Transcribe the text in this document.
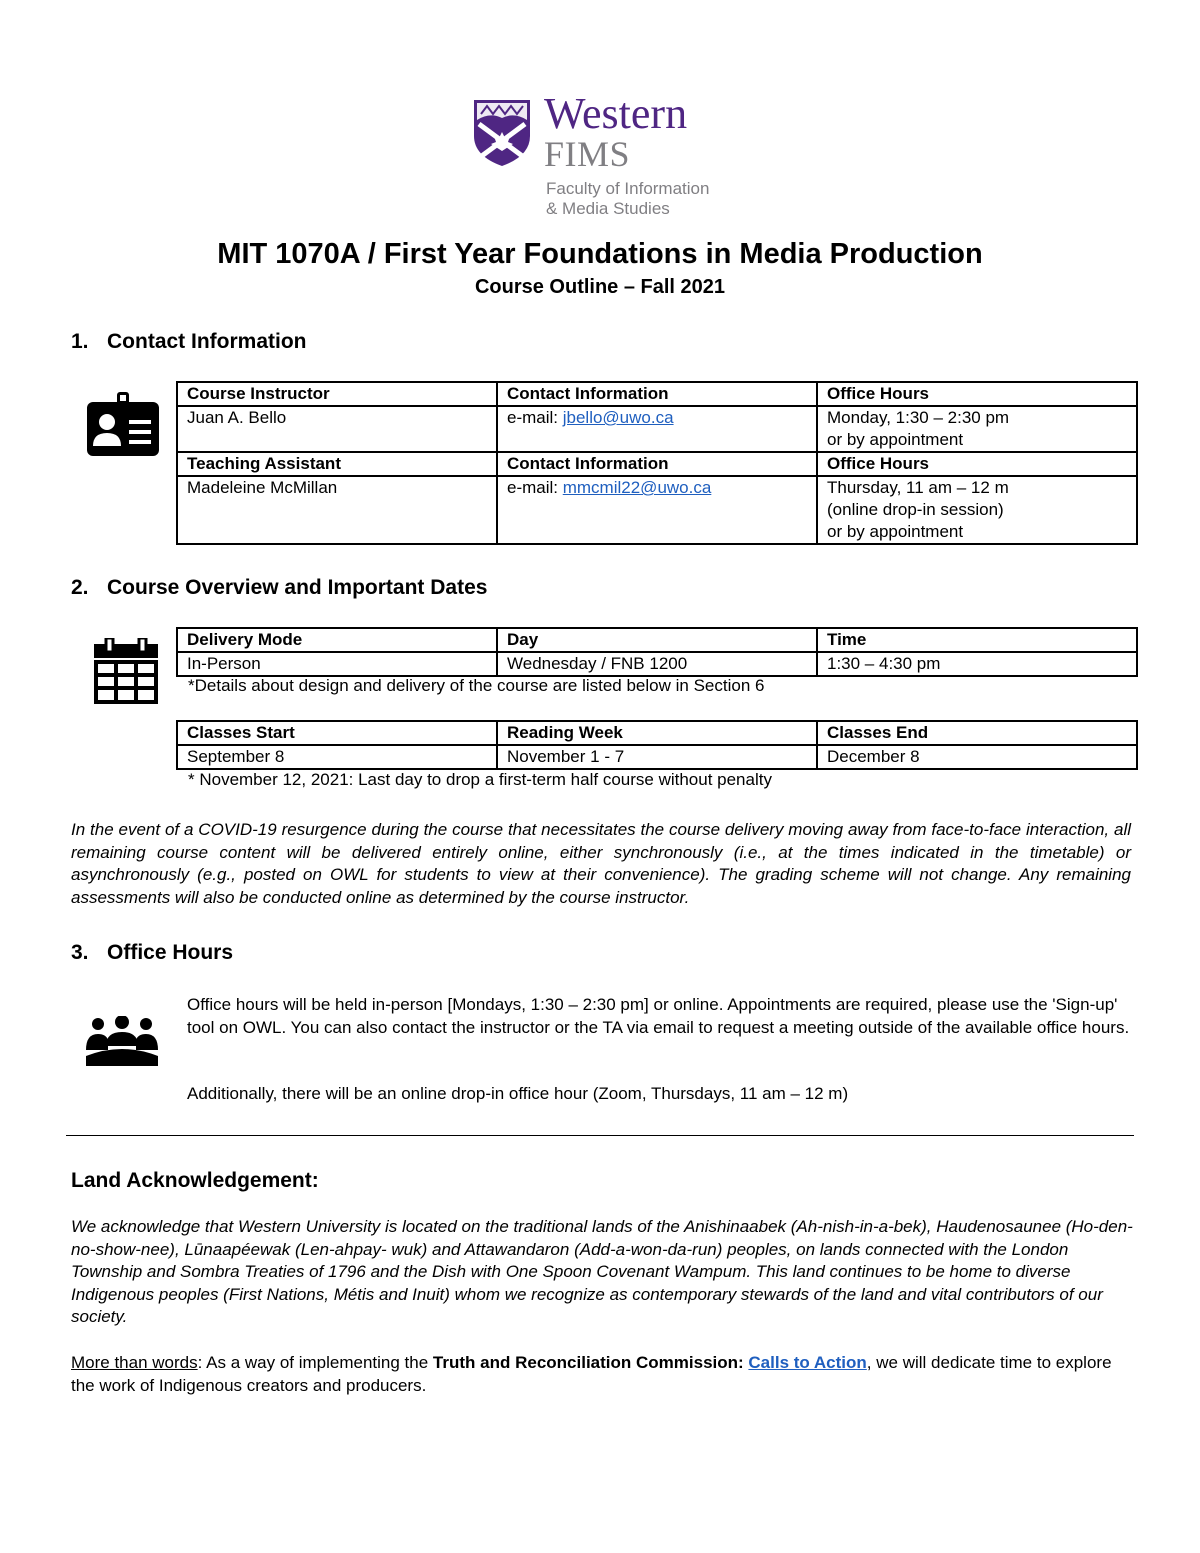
Western
FIMS
Faculty of Information
& Media Studies
MIT 1070A / First Year Foundations in Media Production
Course Outline – Fall 2021
1. Contact Information
Course Instructor	Contact Information	Office Hours
Juan A. Bello	e-mail: jbello@uwo.ca	Monday, 1:30 – 2:30 pm
or by appointment

Teaching Assistant	Contact Information	Office Hours
Madeleine McMillan	e-mail: mmcmil22@uwo.ca	Thursday, 11 am – 12 m
(online drop-in session)
or by appointment
2. Course Overview and Important Dates
Delivery Mode	Day	Time
In-Person	Wednesday / FNB 1200	1:30 – 4:30 pm

*Details about design and delivery of the course are listed below in Section 6

Classes Start	Reading Week	Classes End
September 8	November 1 - 7	December 8

* November 12, 2021: Last day to drop a first-term half course without penalty

In the event of a COVID-19 resurgence during the course that necessitates the course delivery moving away from face-to-face interaction, all remaining course content will be delivered entirely online, either synchronously (i.e., at the times indicated in the timetable) or asynchronously (e.g., posted on OWL for students to view at their convenience). The grading scheme will not change. Any remaining assessments will also be conducted online as determined by the course instructor.

3. Office Hours

Office hours will be held in-person [Mondays, 1:30 – 2:30 pm] or online. Appointments are required, please use the 'Sign-up' tool on OWL. You can also contact the instructor or the TA via email to request a meeting outside of the available office hours.

Additionally, there will be an online drop-in office hour (Zoom, Thursdays, 11 am – 12 m)

Land Acknowledgement:

We acknowledge that Western University is located on the traditional lands of the Anishinaabek (Ah-nish-in-a-bek), Haudenosaunee (Ho-den-no-show-nee), Lūnaapéewak (Len-ahpay- wuk) and Attawandaron (Add-a-won-da-run) peoples, on lands connected with the London Township and Sombra Treaties of 1796 and the Dish with One Spoon Covenant Wampum. This land continues to be home to diverse Indigenous peoples (First Nations, Métis and Inuit) whom we recognize as contemporary stewards of the land and vital contributors of our society.

More than words: As a way of implementing the Truth and Reconciliation Commission: Calls to Action, we will dedicate time to explore the work of Indigenous creators and producers.
